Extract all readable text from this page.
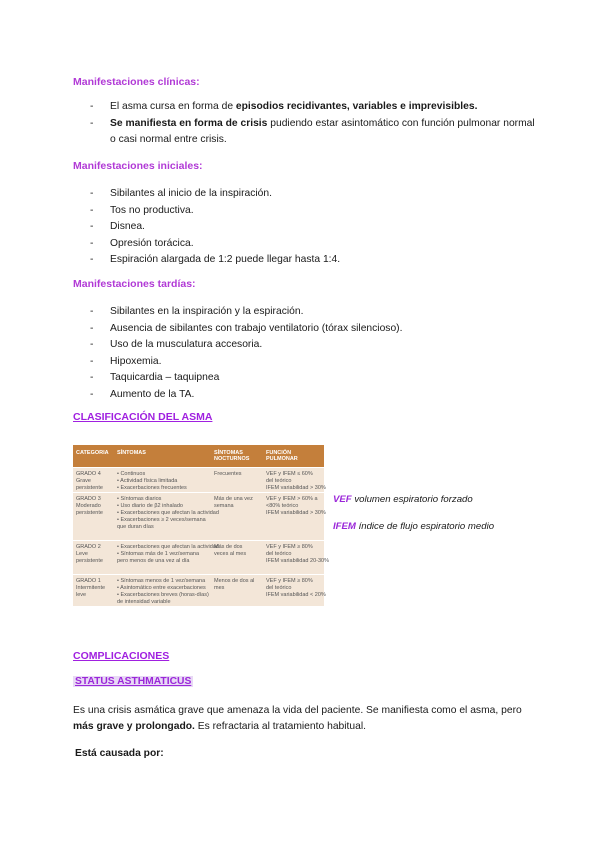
Manifestaciones clínicas:
- El asma cursa en forma de episodios recidivantes, variables e imprevisibles.
- Se manifiesta en forma de crisis pudiendo estar asintomático con función pulmonar normal
o casi normal entre crisis.
Manifestaciones iniciales:
- Sibilantes al inicio de la inspiración.
- Tos no productiva.
- Disnea.
- Opresión torácica.
- Espiración alargada de 1:2 puede llegar hasta 1:4.
Manifestaciones tardías:
- Sibilantes en la inspiración y la espiración.
- Ausencia de sibilantes con trabajo ventilatorio (tórax silencioso).
- Uso de la musculatura accesoria.
- Hipoxemia.
- Taquicardia – taquipnea
- Aumento de la TA.
CLASIFICACIÓN DEL ASMA
CATEGORIA SÍNTOMAS	SÍNTOMAS NOCTURNOS
FUNCIÓN PULMONAR
GRADO 4
Grave
persistente
• Continuos
• Actividad física limitada
• Exacerbaciones frecuentes
Frecuentes	VEF y IFEM ≤ 60%
del teórico
IFEM variabilidad > 30%
GRADO 3
Moderado
persistente
• Síntomas diarios
• Uso diario de β2 inhalado
• Exacerbaciones que afectan la actividad
• Exacerbaciones ≥ 2 veces/semana
que duran días
Más de una vez
semana
VEF y IFEM > 60% a
<80% teórico
IFEM variabilidad > 30%
GRADO 2
Leve
persistente
• Exacerbaciones que afectan la actividad
• Síntomas más de 1 vez/semana
pero menos de una vez al día
Más de dos
veces al mes
VEF y IFEM ≥ 80%
del teórico
IFEM variabilidad 20-30%
GRADO 1
Intermitente
leve
• Síntomas menos de 1 vez/semana
• Asintomático entre exacerbaciones
• Exacerbaciones breves (horas-días)
de intensidad variable
Menos de dos al
mes
VEF y IFEM ≥ 80%
del teórico
IFEM variabilidad < 20%
VEF volumen espiratorio forzado
IFEM índice de flujo espiratorio medio
COMPLICACIONES
STATUS ASTHMATICUS
Es una crisis asmática grave que amenaza la vida del paciente. Se manifiesta como el asma, pero
más grave y prolongado. Es refractaria al tratamiento habitual.
Está causada por:
